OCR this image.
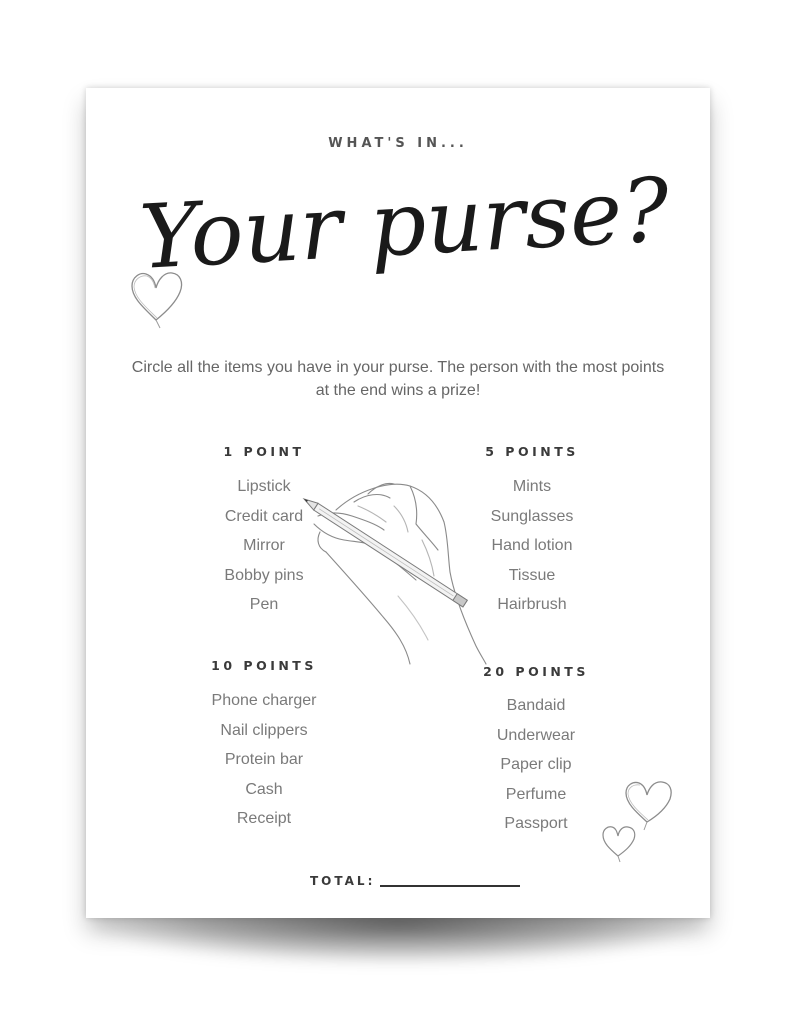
WHAT'S IN...
Your purse?
Circle all the items you have in your purse. The person with the most points at the end wins a prize!
1 POINT
Lipstick
Credit card
Mirror
Bobby pins
Pen
5 POINTS
Mints
Sunglasses
Hand lotion
Tissue
Hairbrush
10 POINTS
Phone charger
Nail clippers
Protein bar
Cash
Receipt
20 POINTS
Bandaid
Underwear
Paper clip
Perfume
Passport
TOTAL:
